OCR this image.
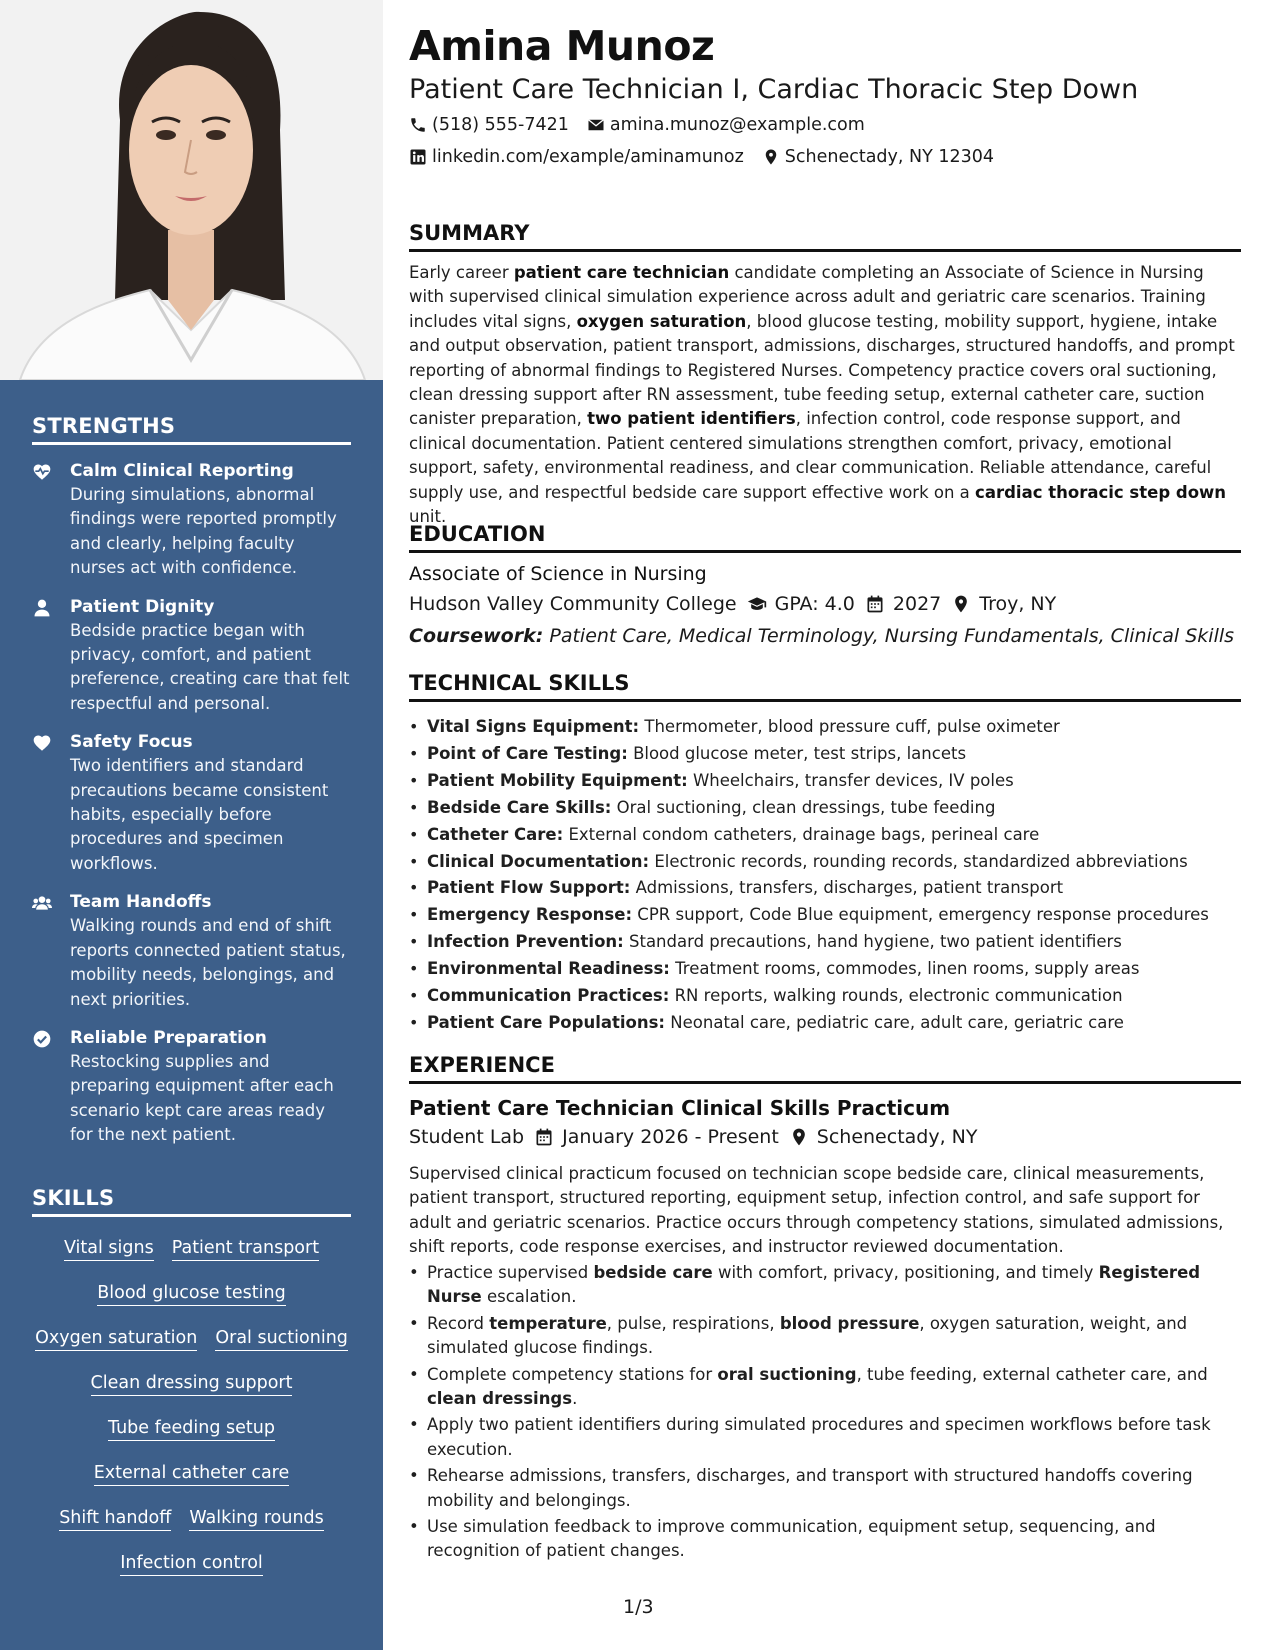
STRENGTHS
Calm Clinical Reporting
During simulations, abnormal findings were reported promptly and clearly, helping faculty nurses act with confidence.
Patient Dignity
Bedside practice began with privacy, comfort, and patient preference, creating care that felt respectful and personal.
Safety Focus
Two identifiers and standard precautions became consistent habits, especially before procedures and specimen workflows.
Team Handoffs
Walking rounds and end of shift reports connected patient status, mobility needs, belongings, and next priorities.
Reliable Preparation
Restocking supplies and preparing equipment after each scenario kept care areas ready for the next patient.
SKILLS
Vital signs Patient transport
Blood glucose testing
Oxygen saturation Oral suctioning
Clean dressing support
Tube feeding setup
External catheter care
Shift handoff Walking rounds
Infection control
Amina Munoz
Patient Care Technician I, Cardiac Thoracic Step Down
(518) 555-7421 amina.munoz@example.com
linkedin.com/example/aminamunoz Schenectady, NY 12304
SUMMARY
Early career patient care technician candidate completing an Associate of Science in Nursing with supervised clinical simulation experience across adult and geriatric care scenarios. Training includes vital signs, oxygen saturation, blood glucose testing, mobility support, hygiene, intake and output observation, patient transport, admissions, discharges, structured handoffs, and prompt reporting of abnormal findings to Registered Nurses. Competency practice covers oral suctioning, clean dressing support after RN assessment, tube feeding setup, external catheter care, suction canister preparation, two patient identifiers, infection control, code response support, and clinical documentation. Patient centered simulations strengthen comfort, privacy, emotional support, safety, environmental readiness, and clear communication. Reliable attendance, careful supply use, and respectful bedside care support effective work on a cardiac thoracic step down unit.
EDUCATION
Associate of Science in Nursing
Hudson Valley Community College GPA: 4.0 2027 Troy, NY
Coursework: Patient Care, Medical Terminology, Nursing Fundamentals, Clinical Skills
TECHNICAL SKILLS
• Vital Signs Equipment: Thermometer, blood pressure cuff, pulse oximeter
• Point of Care Testing: Blood glucose meter, test strips, lancets
• Patient Mobility Equipment: Wheelchairs, transfer devices, IV poles
• Bedside Care Skills: Oral suctioning, clean dressings, tube feeding
• Catheter Care: External condom catheters, drainage bags, perineal care
• Clinical Documentation: Electronic records, rounding records, standardized abbreviations
• Patient Flow Support: Admissions, transfers, discharges, patient transport
• Emergency Response: CPR support, Code Blue equipment, emergency response procedures
• Infection Prevention: Standard precautions, hand hygiene, two patient identifiers
• Environmental Readiness: Treatment rooms, commodes, linen rooms, supply areas
• Communication Practices: RN reports, walking rounds, electronic communication
• Patient Care Populations: Neonatal care, pediatric care, adult care, geriatric care
EXPERIENCE
Patient Care Technician Clinical Skills Practicum
Student Lab January 2026 - Present Schenectady, NY
Supervised clinical practicum focused on technician scope bedside care, clinical measurements, patient transport, structured reporting, equipment setup, infection control, and safe support for adult and geriatric scenarios. Practice occurs through competency stations, simulated admissions, shift reports, code response exercises, and instructor reviewed documentation.
• Practice supervised bedside care with comfort, privacy, positioning, and timely Registered Nurse escalation.
• Record temperature, pulse, respirations, blood pressure, oxygen saturation, weight, and simulated glucose findings.
• Complete competency stations for oral suctioning, tube feeding, external catheter care, and clean dressings.
• Apply two patient identifiers during simulated procedures and specimen workflows before task execution.
• Rehearse admissions, transfers, discharges, and transport with structured handoffs covering mobility and belongings.
• Use simulation feedback to improve communication, equipment setup, sequencing, and recognition of patient changes.
1/3
